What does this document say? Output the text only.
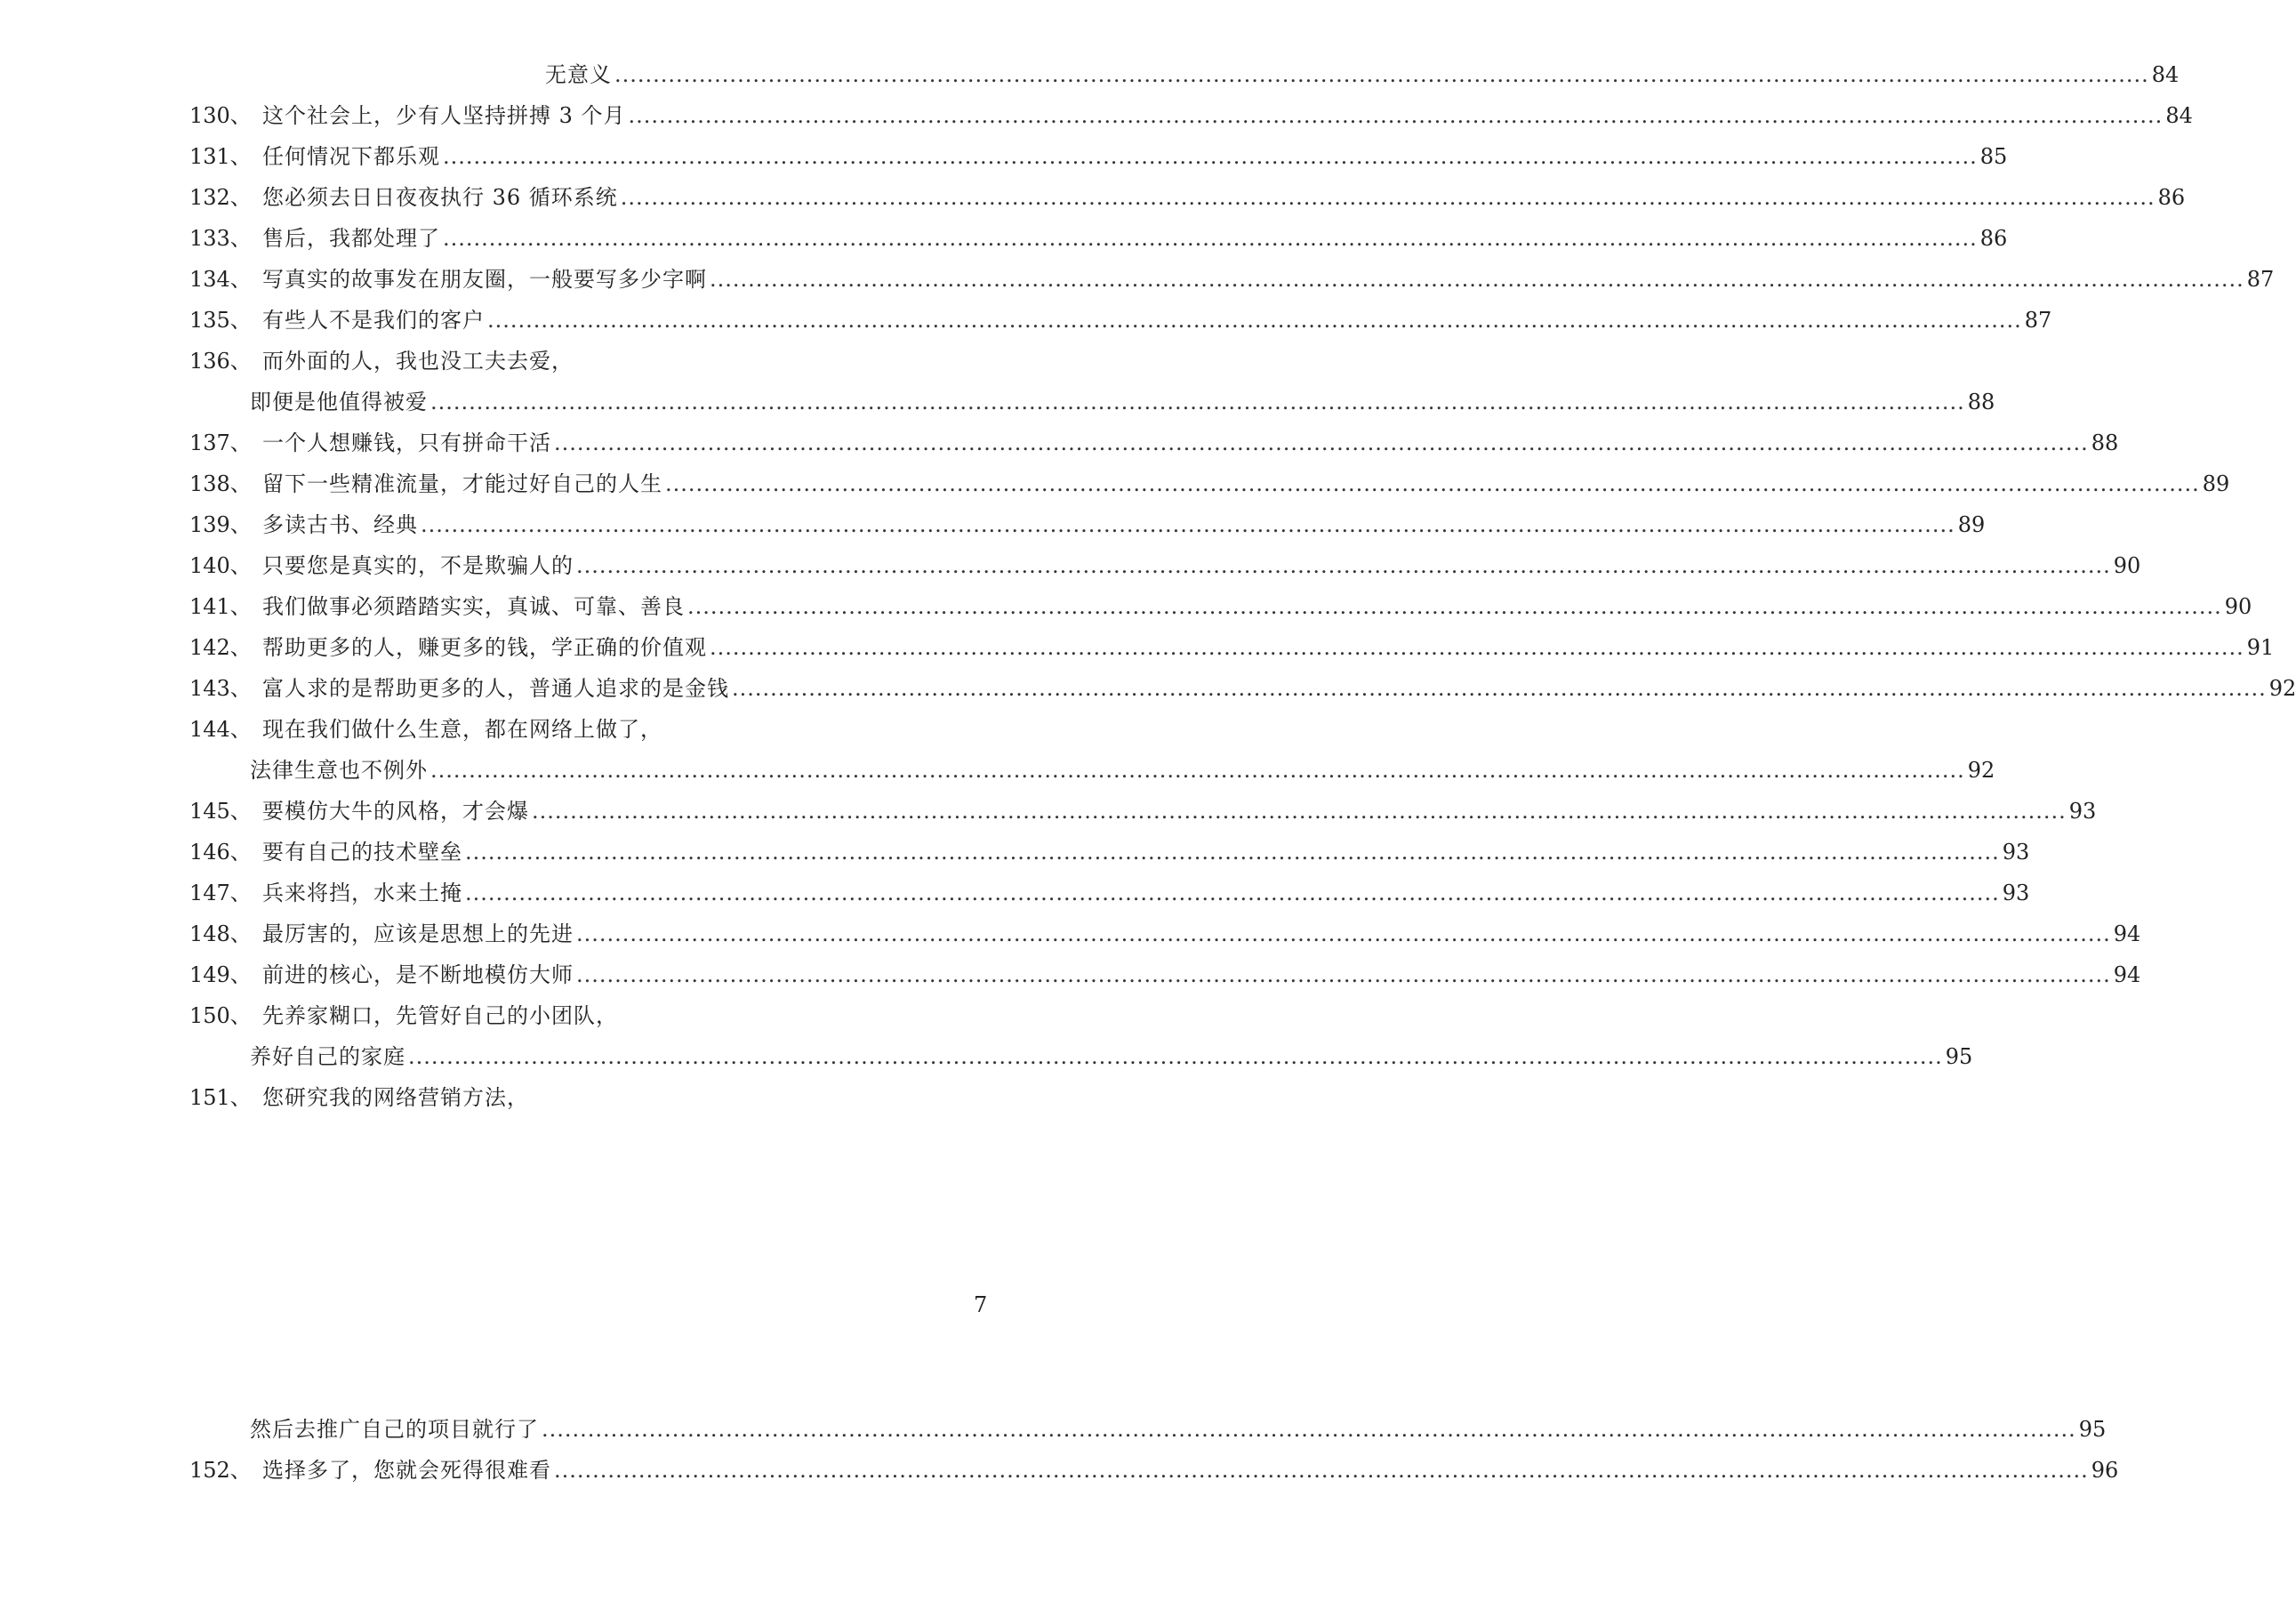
无意义 ........................................................................................................................................................................................................ 84
130、 这个社会上，少有人坚持拼搏 3 个月 ........................................................................................................................................................................................................ 84
131、 任何情况下都乐观 ........................................................................................................................................................................................................ 85
132、 您必须去日日夜夜执行 36 循环系统 ........................................................................................................................................................................................................ 86
133、 售后，我都处理了 ........................................................................................................................................................................................................ 86
134、 写真实的故事发在朋友圈，一般要写多少字啊 ........................................................................................................................................................................................................ 87
135、 有些人不是我们的客户 ........................................................................................................................................................................................................ 87
136、 而外面的人，我也没工夫去爱，
即便是他值得被爱 ........................................................................................................................................................................................................ 88
137、 一个人想赚钱，只有拼命干活 ........................................................................................................................................................................................................ 88
138、 留下一些精准流量，才能过好自己的人生 ........................................................................................................................................................................................................ 89
139、 多读古书、经典 ........................................................................................................................................................................................................ 89
140、 只要您是真实的，不是欺骗人的 ........................................................................................................................................................................................................ 90
141、 我们做事必须踏踏实实，真诚、可靠、善良 ........................................................................................................................................................................................................ 90
142、 帮助更多的人，赚更多的钱，学正确的价值观 ........................................................................................................................................................................................................ 91
143、 富人求的是帮助更多的人，普通人追求的是金钱 ........................................................................................................................................................................................................ 92
144、 现在我们做什么生意，都在网络上做了，
法律生意也不例外 ........................................................................................................................................................................................................ 92
145、 要模仿大牛的风格，才会爆 ........................................................................................................................................................................................................ 93
146、 要有自己的技术壁垒 ........................................................................................................................................................................................................ 93
147、 兵来将挡，水来土掩 ........................................................................................................................................................................................................ 93
148、 最厉害的，应该是思想上的先进 ........................................................................................................................................................................................................ 94
149、 前进的核心，是不断地模仿大师 ........................................................................................................................................................................................................ 94
150、 先养家糊口，先管好自己的小团队，
养好自己的家庭 ........................................................................................................................................................................................................ 95
151、 您研究我的网络营销方法，
然后去推广自己的项目就行了 ........................................................................................................................................................................................................ 95
152、 选择多了，您就会死得很难看 ........................................................................................................................................................................................................ 96
7
